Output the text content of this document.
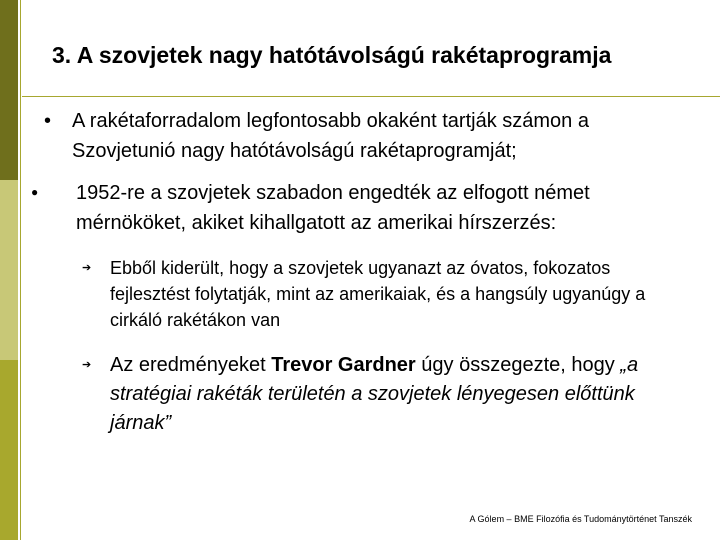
3. A szovjetek nagy hatótávolságú rakétaprogramja
• A rakétaforradalom legfontosabb okaként tartják számon a Szovjetunió nagy hatótávolságú rakétaprogramját;
● 1952-re a szovjetek szabadon engedték az elfogott német mérnököket, akiket kihallgatott az amerikai hírszerzés:
➔ Ebből kiderült, hogy a szovjetek ugyanazt az óvatos, fokozatos fejlesztést folytatják, mint az amerikaiak, és a hangsúly ugyanúgy a cirkáló rakétákon van
➔ Az eredményeket Trevor Gardner úgy összegezte, hogy „a stratégiai rakéták területén a szovjetek lényegesen előttünk járnak”
A Gólem – BME Filozófia és Tudománytörténet Tanszék
